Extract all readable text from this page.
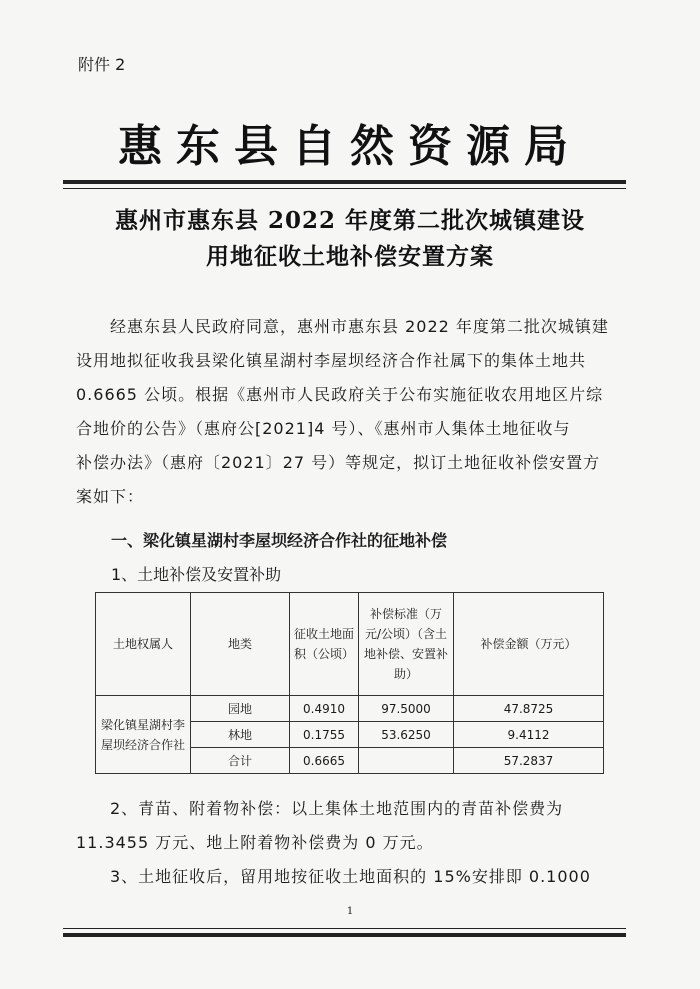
附件 2
惠东县自然资源局
惠州市惠东县 2022 年度第二批次城镇建设
用地征收土地补偿安置方案
经惠东县人民政府同意，惠州市惠东县 2022 年度第二批次城镇建
设用地拟征收我县梁化镇星湖村李屋坝经济合作社属下的集体土地共
0.6665 公顷。根据《惠州市人民政府关于公布实施征收农用地区片综
合地价的公告》（惠府公[2021]4 号）、《惠州市人集体土地征收与
补偿办法》（惠府〔2021〕27 号）等规定，拟订土地征收补偿安置方
案如下：
一、梁化镇星湖村李屋坝经济合作社的征地补偿
1、土地补偿及安置补助
土地权属人	地类	征收土地面积（公顷）	补偿标准（万元/公顷）（含土地补偿、安置补助）	补偿金额（万元）
梁化镇星湖村李屋坝经济合作社	园地	0.4910	97.5000	47.8725
	林地	0.1755	53.6250	9.4112
	合计	0.6665		57.2837
2、青苗、附着物补偿：以上集体土地范围内的青苗补偿费为
11.3455 万元、地上附着物补偿费为 0 万元。
3、土地征收后，留用地按征收土地面积的 15%安排即 0.1000
1
